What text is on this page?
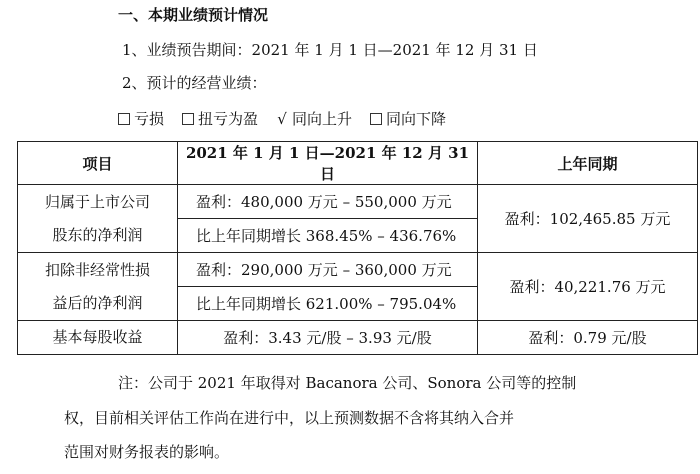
一、本期业绩预计情况
1、业绩预告期间：2021 年 1 月 1 日—2021 年 12 月 31 日
2、预计的经营业绩：
亏损 扭亏为盈 √ 同向上升 同向下降
项目	2021 年 1 月 1 日—2021 年 12 月 31 日	上年同期

归属于上市公司
股东的净利润	盈利：480,000 万元 – 550,000 万元	盈利：102,465.85 万元
	比上年同期增长 368.45% – 436.76%	

扣除非经常性损
益后的净利润	盈利：290,000 万元 – 360,000 万元	盈利：40,221.76 万元
	比上年同期增长 621.00% – 795.04%	
基本每股收益	盈利：3.43 元/股 – 3.93 元/股	盈利：0.79 元/股
注：公司于 2021 年取得对 Bacanora 公司、Sonora 公司等的控制
权，目前相关评估工作尚在进行中，以上预测数据不含将其纳入合并
范围对财务报表的影响。
